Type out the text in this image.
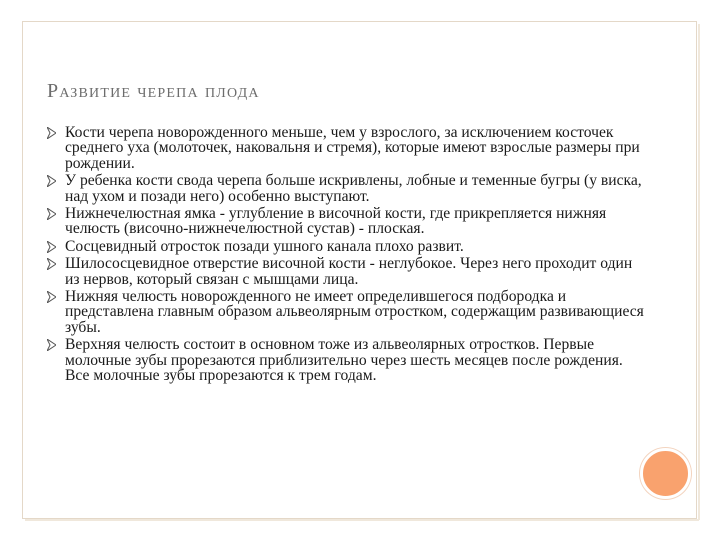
Развитие черепа плода
Кости черепа новорожденного меньше, чем у взрослого, за исключением косточек среднего уха (молоточек, наковальня и стремя), которые имеют взрослые размеры при рождении.
У ребенка кости свода черепа больше искривлены, лобные и теменные бугры (у виска, над ухом и позади него) особенно выступают.
Нижнечелюстная ямка - углубление в височной кости, где прикрепляется нижняя челюсть (височно-нижнечелюстной сустав) - плоская.
Сосцевидный отросток позади ушного канала плохо развит.
Шилососцевидное отверстие височной кости - неглубокое. Через него проходит один из нервов, который связан с мышцами лица.
Нижняя челюсть новорожденного не имеет определившегося подбородка и представлена главным образом альвеолярным отростком, содержащим развивающиеся зубы.
Верхняя челюсть состоит в основном тоже из альвеолярных отростков. Первые молочные зубы прорезаются приблизительно через шесть месяцев после рождения. Все молочные зубы прорезаются к трем годам.
